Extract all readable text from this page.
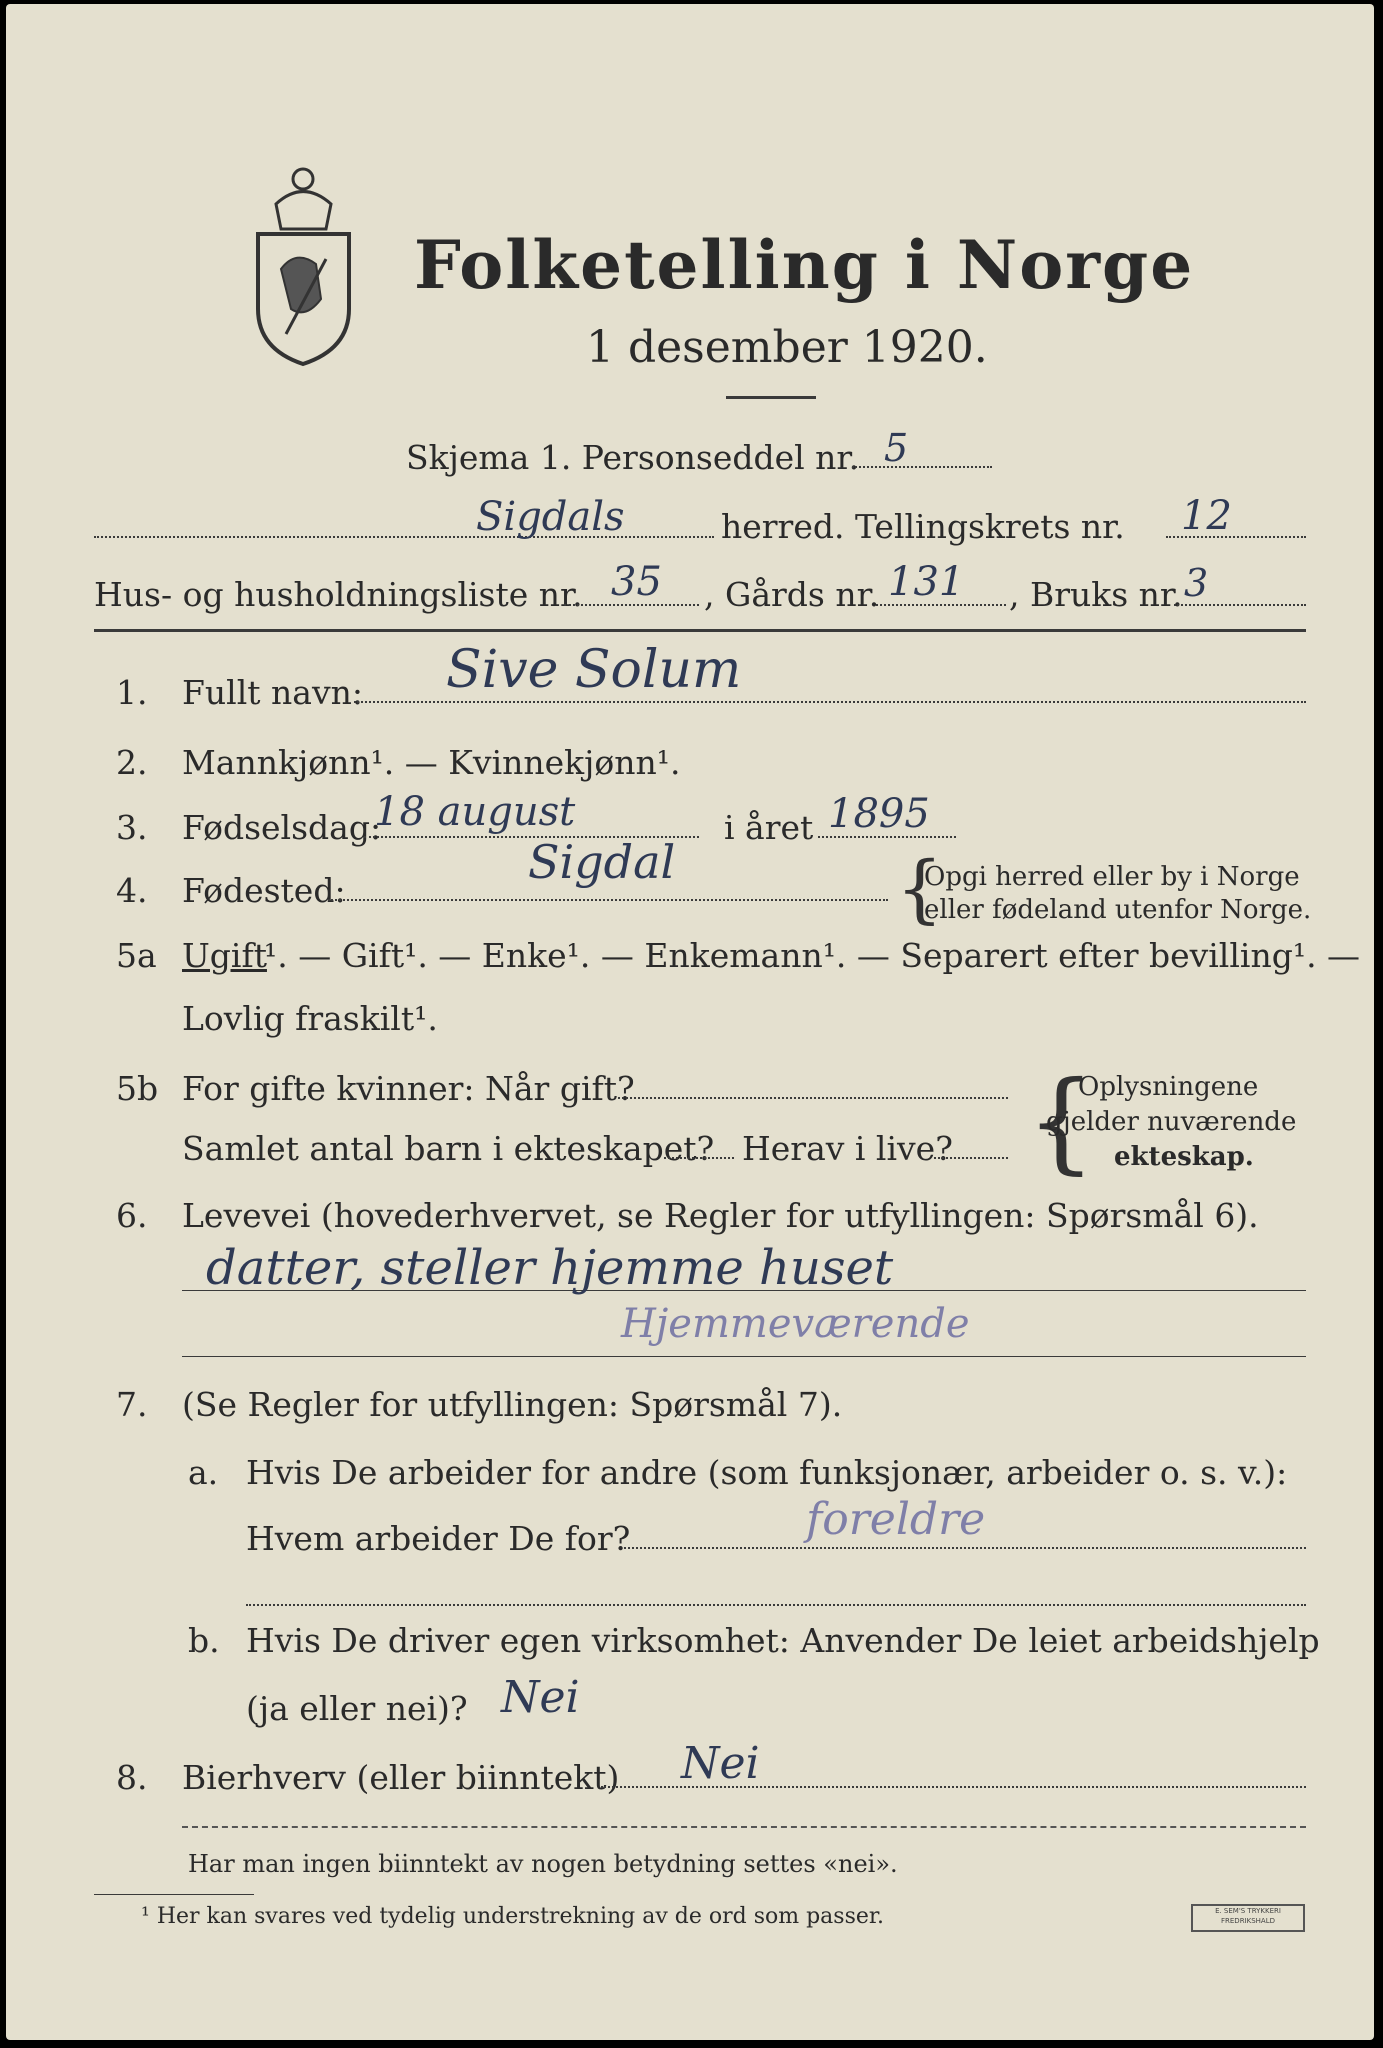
Folketelling i Norge
1 desember 1920.
Skjema 1. Personseddel nr. 5
Sigdals	herred. Tellingskrets nr. 12
Hus- og husholdningsliste nr. 35 , Gårds nr. 131 , Bruks nr. 3
1. Fullt navn: Sive Solum
2. Mannkjønn¹. — Kvinnekjønn¹.
3. Fødselsdag:
18 august	i året 1895
4. Fødested:
Sigdal	{
Opgi herred eller by i Norge
eller fødeland utenfor Norge.
5a Ugift
¹. — Gift¹. — Enke¹. — Enkemann¹. — Separert efter bevilling¹. —
Lovlig fraskilt¹.
5b For gifte kvinner: Når gift?
Samlet antal barn i ekteskapet? Herav i live? {
Oplysningene
gjelder nuværende
ekteskap.
6. Levevei (hovederhvervet, se Regler for utfyllingen: Spørsmål 6).
datter, steller hjemme huset
Hjemmeværende
7. (Se Regler for utfyllingen: Spørsmål 7).
a. Hvis De arbeider for andre (som funksjonær, arbeider o. s. v.):
Hvem arbeider De for?	foreldre
b. Hvis De driver egen virksomhet: Anvender De leiet arbeidshjelp
(ja eller nei)? Nei
8. Bierhverv (eller biinntekt) Nei
Har man ingen biinntekt av nogen betydning settes «nei».
¹ Her kan svares ved tydelig understrekning av de ord som passer.	E. SEM'S TRYKKERI FREDRIKSHALD
